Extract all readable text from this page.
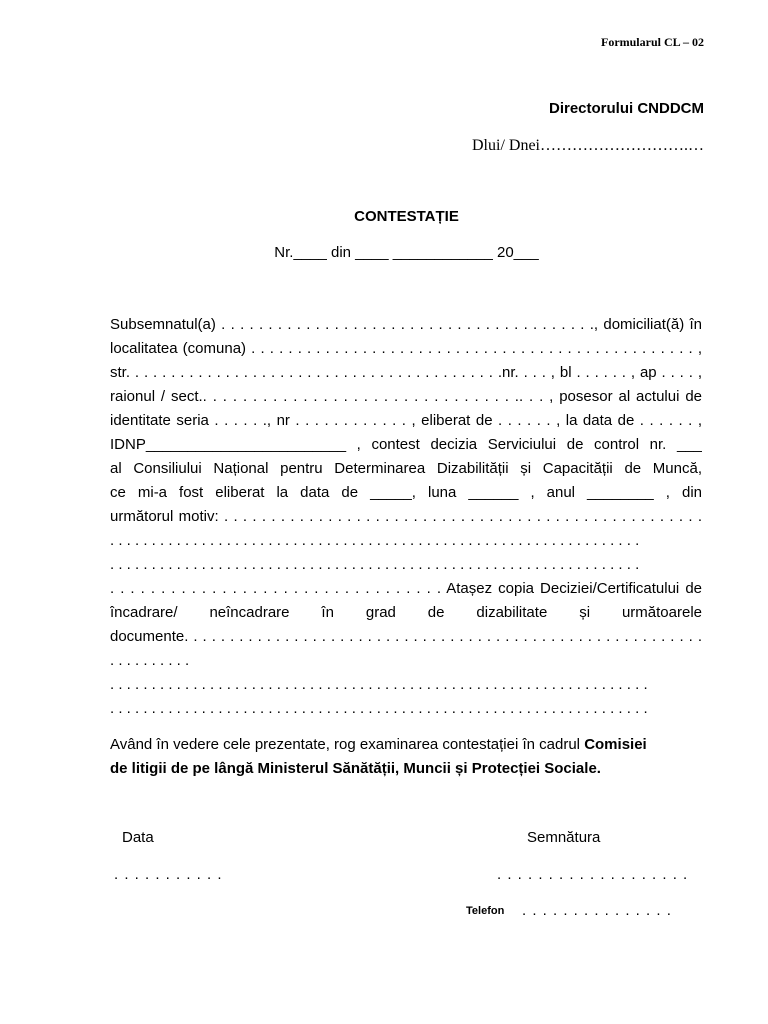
Formularul CL – 02
Directorului CNDDCM
Dlui/ Dnei……………………….…
CONTESTAȚIE
Nr.____ din ____ ____________ 20___
Subsemnatul(a) . . . . . . . . . . . . . . . . . . . . . . . . . . . . . . . . . . . . . . . ., domiciliat(ă) în
localitatea (comuna) . . . . . . . . . . . . . . . . . . . . . . . . . . . . . . . . . . . . . . . . . . . . . . . . ,
str. . . . . . . . . . . . . . . . . . . . . . . . . . . . . . . . . . . . . . . . . .nr. . . . , bl . . . . . . , ap . . . . ,
raionul / sect.. . . . . . . . . . . . . . . . . . . . . . . . . . . . . . . .. . . , posesor al actului de
identitate seria . . . . . ., nr . . . . . . . . . . . . , eliberat de . . . . . . , la data de . . . . . . ,
IDNP________________________ , contest decizia Serviciului de control nr. ___
al Consiliului Național pentru Determinarea Dizabilității și Capacității de Muncă,
ce mi-a fost eliberat la data de _____, luna ______ , anul ________ , din
următorul motiv: . . . . . . . . . . . . . . . . . . . . . . . . . . . . . . . . . . . . . . . . . . . . . . . . . . .
. . . . . . . . . . . . . . . . . . . . . . . . . . . . . . . . . . . . . . . . . . . . . . . . . . . . . . . . . . . . . . . .
. . . . . . . . . . . . . . . . . . . . . . . . . . . . . . . . . . . . . . . . . . . . . . . . . . . . . . . . . . . . . . . .
. . . . . . . . . . . . . . . . . . . . . . . . . . . . . . . . . Atașez copia Deciziei/Certificatului de
încadrare/ neîncadrare în grad de dizabilitate și următoarele
documente. . . . . . . . . . . . . . . . . . . . . . . . . . . . . . . . . . . . . . . . . . . . . . . . . . . . . . . . .
. . . . . . . . . .
. . . . . . . . . . . . . . . . . . . . . . . . . . . . . . . . . . . . . . . . . . . . . . . . . . . . . . . . . . . . . . . . .
. . . . . . . . . . . . . . . . . . . . . . . . . . . . . . . . . . . . . . . . . . . . . . . . . . . . . . . . . . . . . . . . .
Având în vedere cele prezentate, rog examinarea contestației în cadrul Comisiei
de litigii de pe lângă Ministerul Sănătății, Muncii și Protecției Sociale.
Data
. . . . . . . . . . .
Semnătura
. . . . . . . . . . . . . . . . . . .
Telefon . . . . . . . . . . . . . . .
